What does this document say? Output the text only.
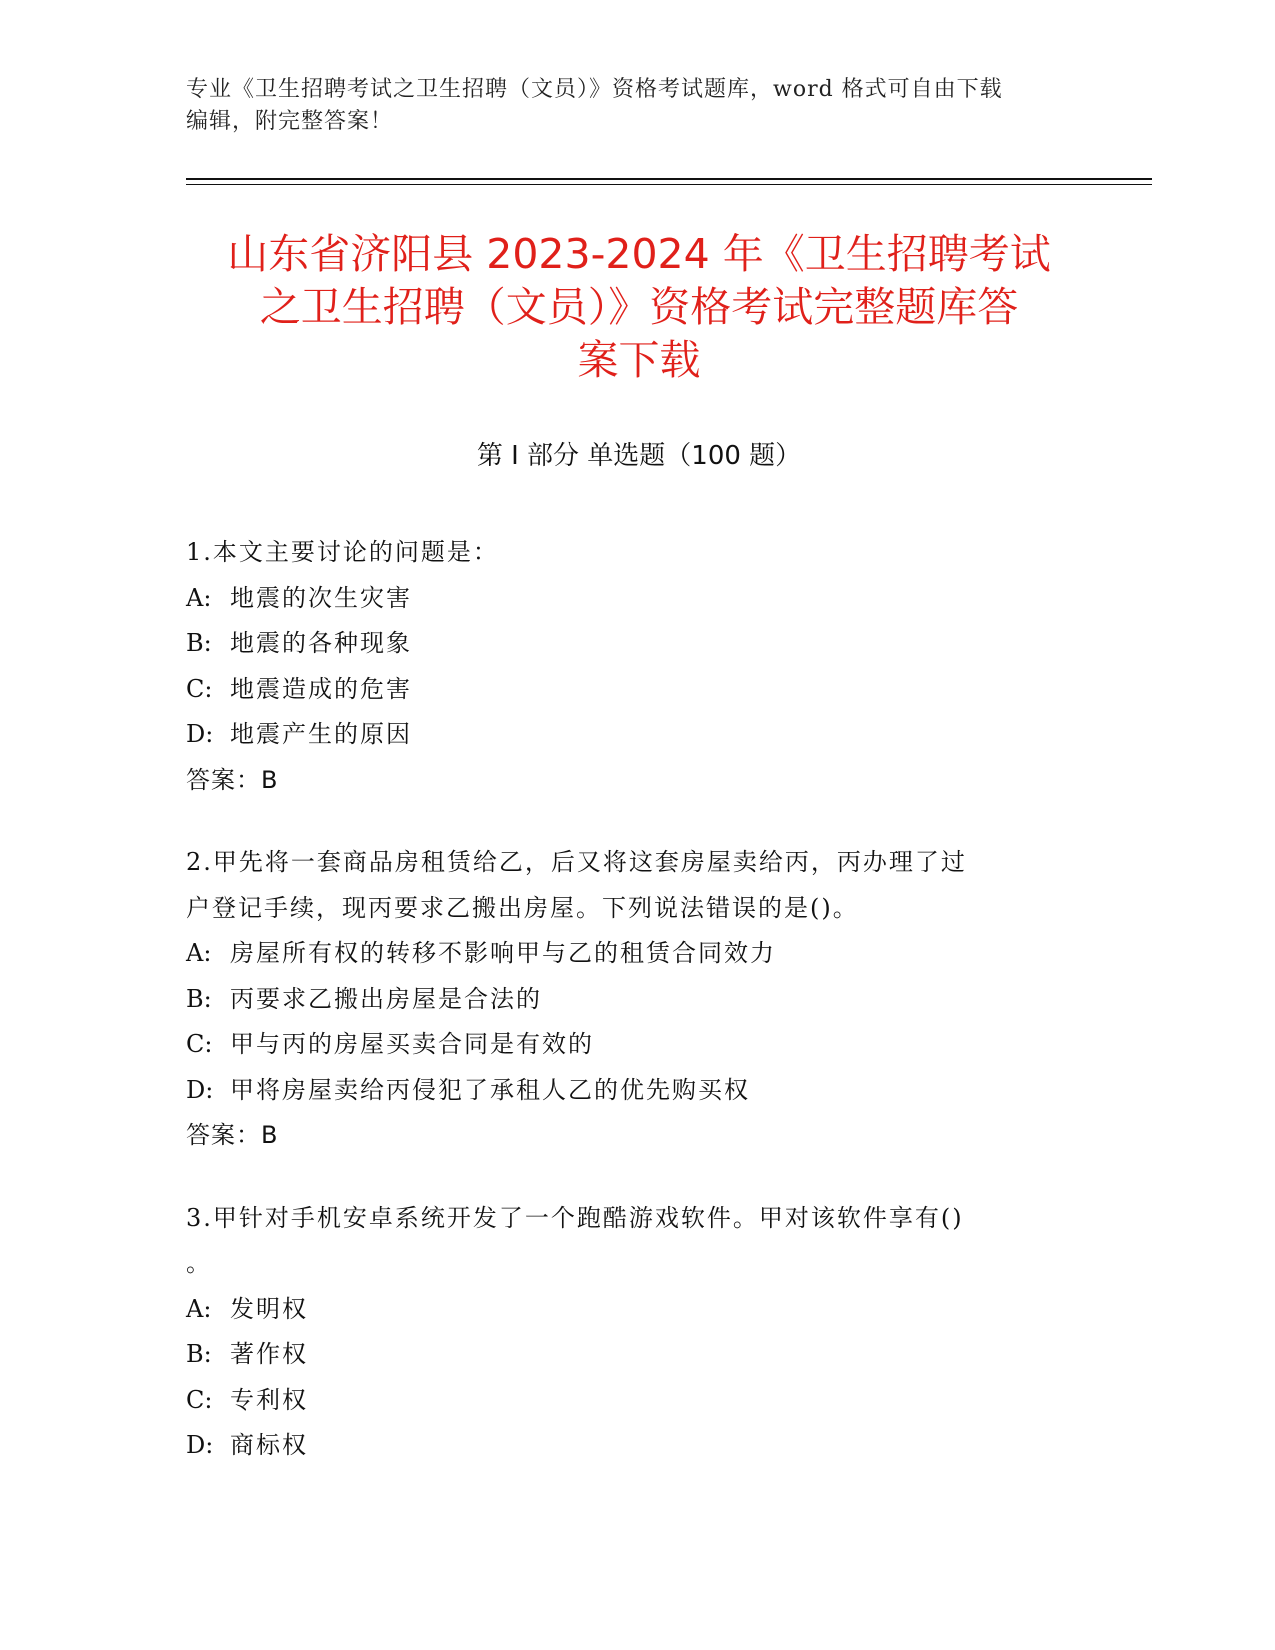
专业《卫生招聘考试之卫生招聘（文员）》资格考试题库，word 格式可自由下载
编辑，附完整答案！
山东省济阳县 2023-2024 年《卫生招聘考试
之卫生招聘（文员）》资格考试完整题库答
案下载
第 I 部分 单选题（100 题）
1.本文主要讨论的问题是：
A: 地震的次生灾害
B: 地震的各种现象
C: 地震造成的危害
D: 地震产生的原因
答案：B
2.甲先将一套商品房租赁给乙，后又将这套房屋卖给丙，丙办理了过
户登记手续，现丙要求乙搬出房屋。下列说法错误的是()。
A: 房屋所有权的转移不影响甲与乙的租赁合同效力
B: 丙要求乙搬出房屋是合法的
C: 甲与丙的房屋买卖合同是有效的
D: 甲将房屋卖给丙侵犯了承租人乙的优先购买权
答案：B
3.甲针对手机安卓系统开发了一个跑酷游戏软件。甲对该软件享有()
。
A: 发明权
B: 著作权
C: 专利权
D: 商标权
